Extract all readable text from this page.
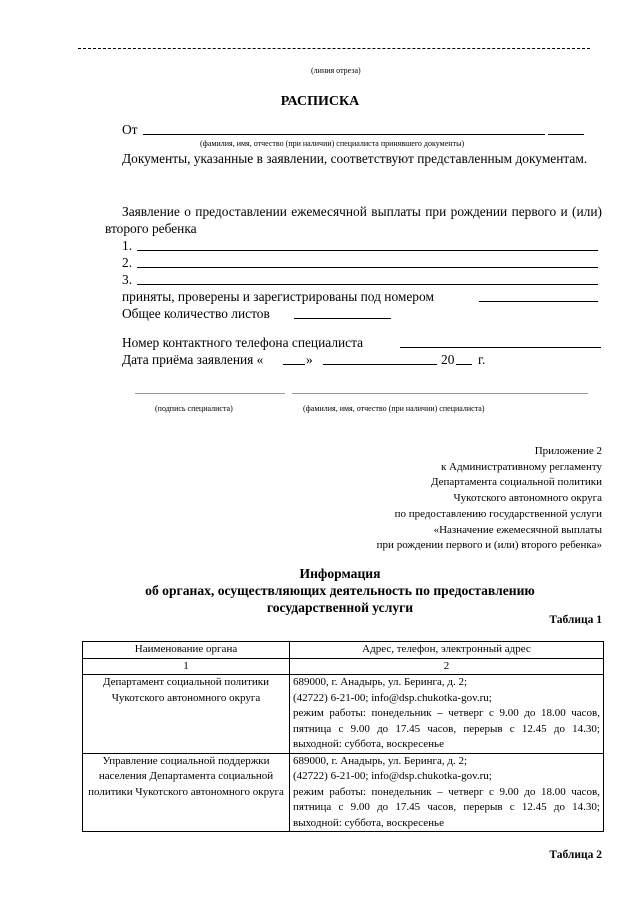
(линия отреза)
РАСПИСКА
От
(фамилия, имя, отчество (при наличии) специалиста принявшего документы)
Документы, указанные в заявлении, соответствуют представленным документам.
Заявление о предоставлении ежемесячной выплаты при рождении первого и (или) второго ребенка
1.
2.
3.
приняты, проверены и зарегистрированы под номером
Общее количество листов
Номер контактного телефона специалиста
Дата приёма заявления «	»	20 г.
(подпись специалиста)	(фамилия, имя, отчество (при наличии) специалиста)
Приложение 2
к Административному регламенту
Департамента социальной политики
Чукотского автономного округа
по предоставлению государственной услуги
«Назначение ежемесячной выплаты
при рождении первого и (или) второго ребенка»
Информация
об органах, осуществляющих деятельность по предоставлению
государственной услуги
Таблица 1
Наименование органа	Адрес, телефон, электронный адрес
1	2
Департамент социальной политики Чукотского автономного округа	689000, г. Анадырь, ул. Беринга, д. 2;
(42722) 6-21-00; info@dsp.chukotka-gov.ru;
режим работы: понедельник – четверг с 9.00 до 18.00 часов, пятница с 9.00 до 17.45 часов, перерыв с 12.45 до 14.30; выходной: суббота, воскресенье

Управление социальной поддержки населения Департамента социальной политики Чукотского автономного округа	689000, г. Анадырь, ул. Беринга, д. 2;
(42722) 6-21-00; info@dsp.chukotka-gov.ru;
режим работы: понедельник – четверг с 9.00 до 18.00 часов, пятница с 9.00 до 17.45 часов, перерыв с 12.45 до 14.30; выходной: суббота, воскресенье
Таблица 2
